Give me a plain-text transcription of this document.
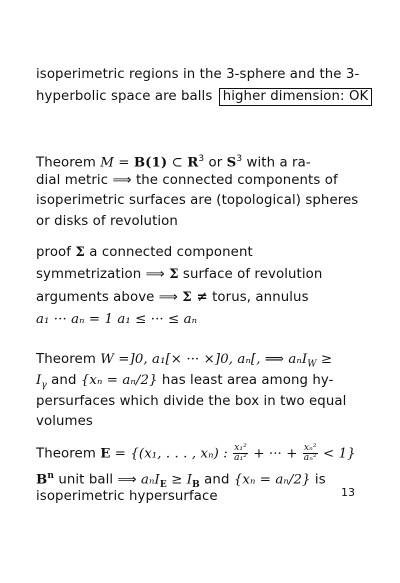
isoperimetric regions in the 3-sphere and the 3-
hyperbolic space are balls higher dimension: OK
Theorem M = B(1) ⊂ $R^3$ or $S^3$ with a ra-
dial metric ⟹ the connected components of
isoperimetric surfaces are (topological) spheres
or disks of revolution
proof Σ a connected component
symmetrization ⟹ Σ surface of revolution
arguments above ⟹ Σ ≠ torus, annulus
a₁ ··· aₙ = 1 a₁ ≤ ··· ≤ aₙ
Theorem W =]0, a₁[× ··· ×]0, aₙ[, ⟹ aₙI$_W$ ≥
$I_\gamma$ and {xₙ = aₙ/2} has least area among hy-
persurfaces which divide the box in two equal
volumes
Theorem E = {(x₁, . . . , xₙ) : $\frac{\text{x₁²}}{\text{a₁²}}$ + ··· + $\frac{\text{xₙ²}}{\text{aₙ²}} < 1$}
$B^n$ unit ball ⟹ $a_nI_E \ge I_B$ and {xₙ = aₙ/2} is
isoperimetric hypersurface	13
